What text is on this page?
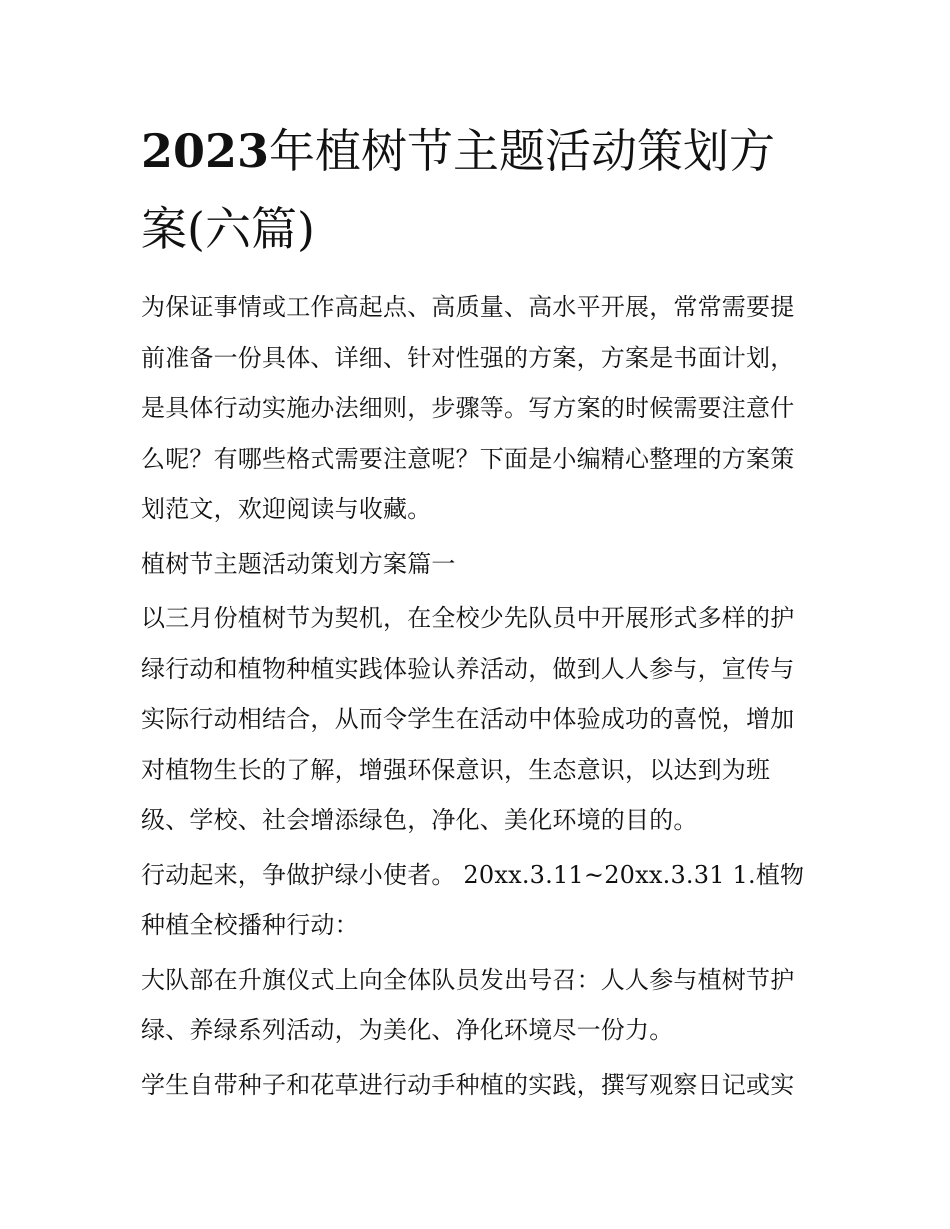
2023年植树节主题活动策划方案(六篇)

为保证事情或工作高起点、高质量、高水平开展，常常需要提前准备一份具体、详细、针对性强的方案，方案是书面计划，是具体行动实施办法细则，步骤等。写方案的时候需要注意什么呢？有哪些格式需要注意呢？下面是小编精心整理的方案策划范文，欢迎阅读与收藏。

植树节主题活动策划方案篇一

以三月份植树节为契机，在全校少先队员中开展形式多样的护绿行动和植物种植实践体验认养活动，做到人人参与，宣传与实际行动相结合，从而令学生在活动中体验成功的喜悦，增加对植物生长的了解，增强环保意识，生态意识，以达到为班级、学校、社会增添绿色，净化、美化环境的目的。

行动起来，争做护绿小使者。 20xx.3.11~20xx.3.31 1.植物种植全校播种行动：

大队部在升旗仪式上向全体队员发出号召：人人参与植树节护绿、养绿系列活动，为美化、净化环境尽一份力。

学生自带种子和花草进行动手种植的实践，撰写观察日记或实
